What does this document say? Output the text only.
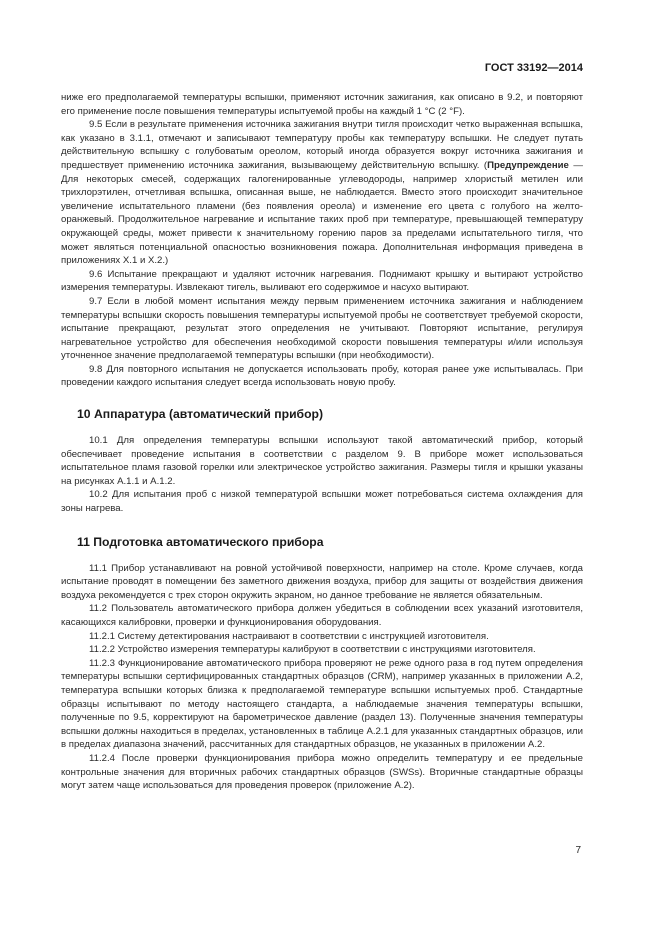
ГОСТ 33192—2014

ниже его предполагаемой температуры вспышки, применяют источник зажигания, как описано в 9.2, и повторяют его применение после повышения температуры испытуемой пробы на каждый 1 °С (2 °F).

9.5 Если в результате применения источника зажигания внутри тигля происходит четко выраженная вспышка, как указано в 3.1.1, отмечают и записывают температуру пробы как температуру вспышки. Не следует путать действительную вспышку с голубоватым ореолом, который иногда образуется вокруг источника зажигания и предшествует применению источника зажигания, вызывающему действительную вспышку. (Предупреждение — Для некоторых смесей, содержащих галогенированные углеводороды, например хлористый метилен или трихлорэтилен, отчетливая вспышка, описанная выше, не наблюдается. Вместо этого происходит значительное увеличение испытательного пламени (без появления ореола) и изменение его цвета с голубого на желто-оранжевый. Продолжительное нагревание и испытание таких проб при температуре, превышающей температуру окружающей среды, может привести к значительному горению паров за пределами испытательного тигля, что может являться потенциальной опасностью возникновения пожара. Дополнительная информация приведена в приложениях X.1 и X.2.)

9.6 Испытание прекращают и удаляют источник нагревания. Поднимают крышку и вытирают устройство измерения температуры. Извлекают тигель, выливают его содержимое и насухо вытирают.

9.7 Если в любой момент испытания между первым применением источника зажигания и наблюдением температуры вспышки скорость повышения температуры испытуемой пробы не соответствует требуемой скорости, испытание прекращают, результат этого определения не учитывают. Повторяют испытание, регулируя нагревательное устройство для обеспечения необходимой скорости повышения температуры и/или используя уточненное значение предполагаемой температуры вспышки (при необходимости).

9.8 Для повторного испытания не допускается использовать пробу, которая ранее уже испытывалась. При проведении каждого испытания следует всегда использовать новую пробу.

10 Аппаратура (автоматический прибор)

10.1 Для определения температуры вспышки используют такой автоматический прибор, который обеспечивает проведение испытания в соответствии с разделом 9. В приборе может использоваться испытательное пламя газовой горелки или электрическое устройство зажигания. Размеры тигля и крышки указаны на рисунках А.1.1 и А.1.2.

10.2 Для испытания проб с низкой температурой вспышки может потребоваться система охлаждения для зоны нагрева.

11 Подготовка автоматического прибора

11.1 Прибор устанавливают на ровной устойчивой поверхности, например на столе. Кроме случаев, когда испытание проводят в помещении без заметного движения воздуха, прибор для защиты от воздействия движения воздуха рекомендуется с трех сторон окружить экраном, но данное требование не является обязательным.

11.2 Пользователь автоматического прибора должен убедиться в соблюдении всех указаний изготовителя, касающихся калибровки, проверки и функционирования оборудования.

11.2.1 Систему детектирования настраивают в соответствии с инструкцией изготовителя.

11.2.2 Устройство измерения температуры калибруют в соответствии с инструкциями изготовителя.

11.2.3 Функционирование автоматического прибора проверяют не реже одного раза в год путем определения температуры вспышки сертифицированных стандартных образцов (CRM), например указанных в приложении А.2, температура вспышки которых близка к предполагаемой температуре вспышки испытуемых проб. Стандартные образцы испытывают по методу настоящего стандарта, а наблюдаемые значения температуры вспышки, полученные по 9.5, корректируют на барометрическое давление (раздел 13). Полученные значения температуры вспышки должны находиться в пределах, установленных в таблице А.2.1 для указанных стандартных образцов, или в пределах диапазона значений, рассчитанных для стандартных образцов, не указанных в приложении А.2.

11.2.4 После проверки функционирования прибора можно определить температуру и ее предельные контрольные значения для вторичных рабочих стандартных образцов (SWSs). Вторичные стандартные образцы могут затем чаще использоваться для проведения проверок (приложение А.2).

7
